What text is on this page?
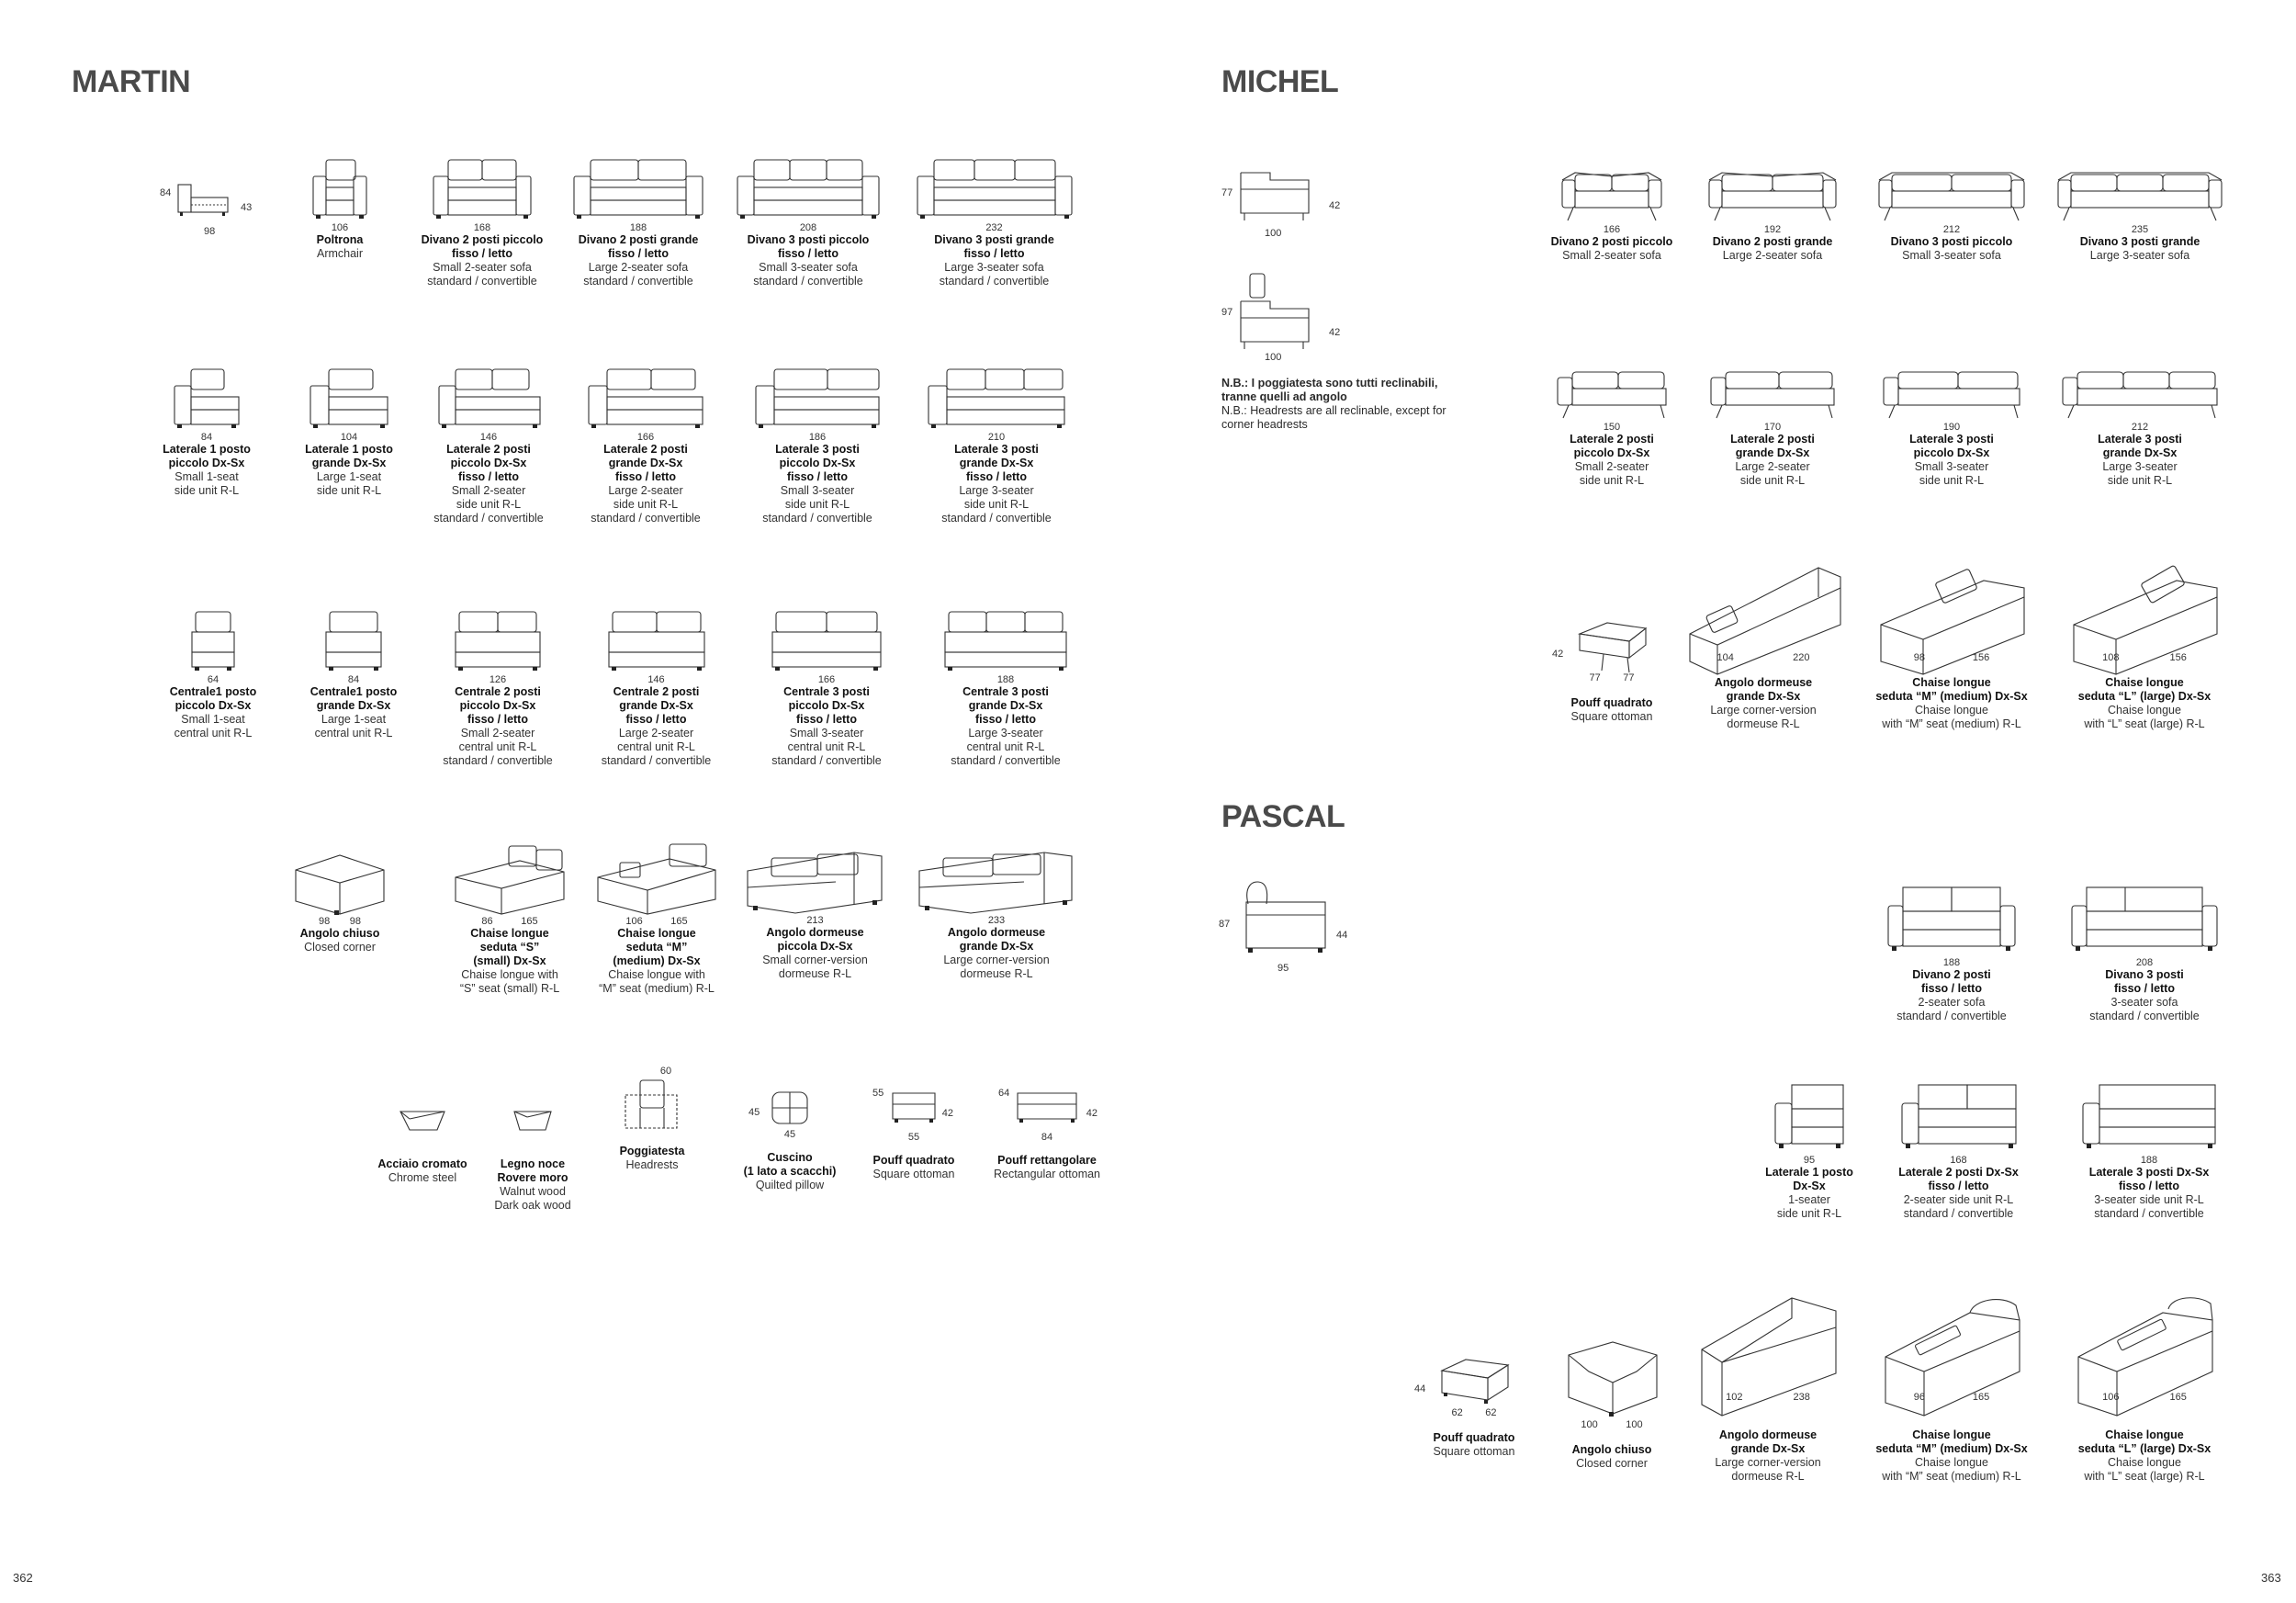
MARTIN
84
43
98	106
Poltrona
Armchair
168
Divano 2 posti piccolo
fisso / letto
Small 2-seater sofa
standard / convertible
188
Divano 2 posti grande
fisso / letto
Large 2-seater sofa
standard / convertible
208
Divano 3 posti piccolo
fisso / letto
Small 3-seater sofa
standard / convertible
232
Divano 3 posti grande
fisso / letto
Large 3-seater sofa
standard / convertible
84
Laterale 1 posto
piccolo Dx-Sx
Small 1-seat
side unit R-L
104
Laterale 1 posto
grande Dx-Sx
Large 1-seat
side unit R-L
146
Laterale 2 posti
piccolo Dx-Sx
fisso / letto
Small 2-seater
side unit R-L
standard / convertible
166
Laterale 2 posti
grande Dx-Sx
fisso / letto
Large 2-seater
side unit R-L
standard / convertible
186
Laterale 3 posti
piccolo Dx-Sx
fisso / letto
Small 3-seater
side unit R-L
standard / convertible
210
Laterale 3 posti
grande Dx-Sx
fisso / letto
Large 3-seater
side unit R-L
standard / convertible
64
Centrale1 posto
piccolo Dx-Sx
Small 1-seat
central unit R-L
84
Centrale1 posto
grande Dx-Sx
Large 1-seat
central unit R-L
126
Centrale 2 posti
piccolo Dx-Sx
fisso / letto
Small 2-seater
central unit R-L
standard / convertible
146
Centrale 2 posti
grande Dx-Sx
fisso / letto
Large 2-seater
central unit R-L
standard / convertible
166
Centrale 3 posti
piccolo Dx-Sx
fisso / letto
Small 3-seater
central unit R-L
standard / convertible
188
Centrale 3 posti
grande Dx-Sx
fisso / letto
Large 3-seater
central unit R-L
standard / convertible
98 98
Angolo chiuso
Closed corner
86	165
Chaise longue
seduta “S”
(small) Dx-Sx
Chaise longue with
“S” seat (small) R-L
106	165
Chaise longue
seduta “M”
(medium) Dx-Sx
Chaise longue with
“M” seat (medium) R-L
213
Angolo dormeuse
piccola Dx-Sx
Small corner-version
dormeuse R-L
233
Angolo dormeuse
grande Dx-Sx
Large corner-version
dormeuse R-L
Acciaio cromato
Chrome steel
Legno noce
Rovere moro
Walnut wood
Dark oak wood
60
Poggiatesta
Headrests
45
45
Cuscino
(1 lato a scacchi)
Quilted pillow
55
42
55
Pouff quadrato
Square ottoman
64
42
84
Pouff rettangolare
Rectangular ottoman
362
MICHEL
77
42
100
97
42
100
N.B.: I poggiatesta sono tutti reclinabili,
tranne quelli ad angolo
N.B.: Headrests are all reclinable, except for
corner headrests
166
Divano 2 posti piccolo
Small 2-seater sofa
192
Divano 2 posti grande
Large 2-seater sofa
212
Divano 3 posti piccolo
Small 3-seater sofa
235
Divano 3 posti grande
Large 3-seater sofa
150
Laterale 2 posti
piccolo Dx-Sx
Small 2-seater
side unit R-L
170
Laterale 2 posti
grande Dx-Sx
Large 2-seater
side unit R-L
190
Laterale 3 posti
piccolo Dx-Sx
Small 3-seater
side unit R-L
212
Laterale 3 posti
grande Dx-Sx
Large 3-seater
side unit R-L
42
77 77
Pouff quadrato
Square ottoman
104	220
Angolo dormeuse
grande Dx-Sx
Large corner-version
dormeuse R-L
98	156
Chaise longue
seduta “M” (medium) Dx-Sx
Chaise longue
with “M” seat (medium) R-L
108	156
Chaise longue
seduta “L” (large) Dx-Sx
Chaise longue
with “L” seat (large) R-L
PASCAL
87
44
95	188
Divano 2 posti
fisso / letto
2-seater sofa
standard / convertible
208
Divano 3 posti
fisso / letto
3-seater sofa
standard / convertible
95
Laterale 1 posto
Dx-Sx
1-seater
side unit R-L
168
Laterale 2 posti Dx-Sx
fisso / letto
2-seater side unit R-L
standard / convertible
188
Laterale 3 posti Dx-Sx
fisso / letto
3-seater side unit R-L
standard / convertible
44
62 62
Pouff quadrato
Square ottoman
100	100
Angolo chiuso
Closed corner
102	238
Angolo dormeuse
grande Dx-Sx
Large corner-version
dormeuse R-L
96	165
Chaise longue
seduta “M” (medium) Dx-Sx
Chaise longue
with “M” seat (medium) R-L
106	165
Chaise longue
seduta “L” (large) Dx-Sx
Chaise longue
with “L” seat (large) R-L
363
